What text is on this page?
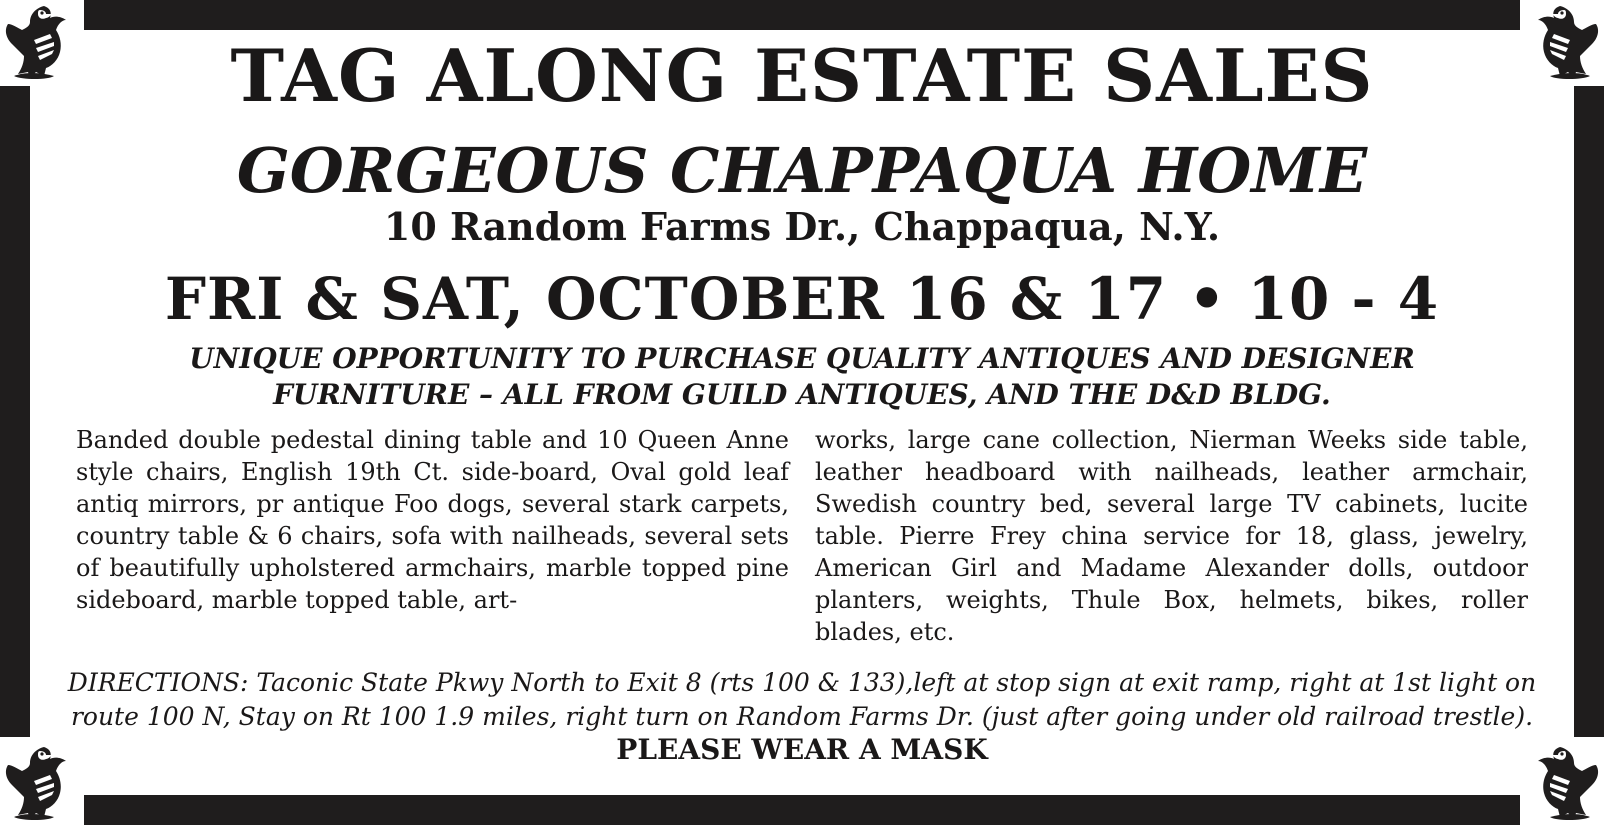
TAG ALONG ESTATE SALES
GORGEOUS CHAPPAQUA HOME
10 Random Farms Dr., Chappaqua, N.Y.
FRI & SAT, OCTOBER 16 & 17 • 10 - 4
UNIQUE OPPORTUNITY TO PURCHASE QUALITY ANTIQUES AND DESIGNER
FURNITURE – ALL FROM GUILD ANTIQUES, AND THE D&D BLDG.
Banded double pedestal dining table and 10 Queen Anne style chairs, English 19th Ct. side-board, Oval gold leaf antiq mirrors, pr antique Foo dogs, several stark carpets, country table & 6 chairs, sofa with nailheads, several sets of beautifully upholstered armchairs, marble topped pine sideboard, marble topped table, art-
works, large cane collection, Nierman Weeks side table, leather headboard with nailheads, leather armchair, Swedish country bed, several large TV cabinets, lucite table. Pierre Frey china service for 18, glass, jewelry, American Girl and Madame Alexander dolls, outdoor planters, weights, Thule Box, helmets, bikes, roller blades, etc.
DIRECTIONS: Taconic State Pkwy North to Exit 8 (rts 100 & 133),left at stop sign at exit ramp, right at 1st light on
route 100 N, Stay on Rt 100 1.9 miles, right turn on Random Farms Dr. (just after going under old railroad trestle).
PLEASE WEAR A MASK
